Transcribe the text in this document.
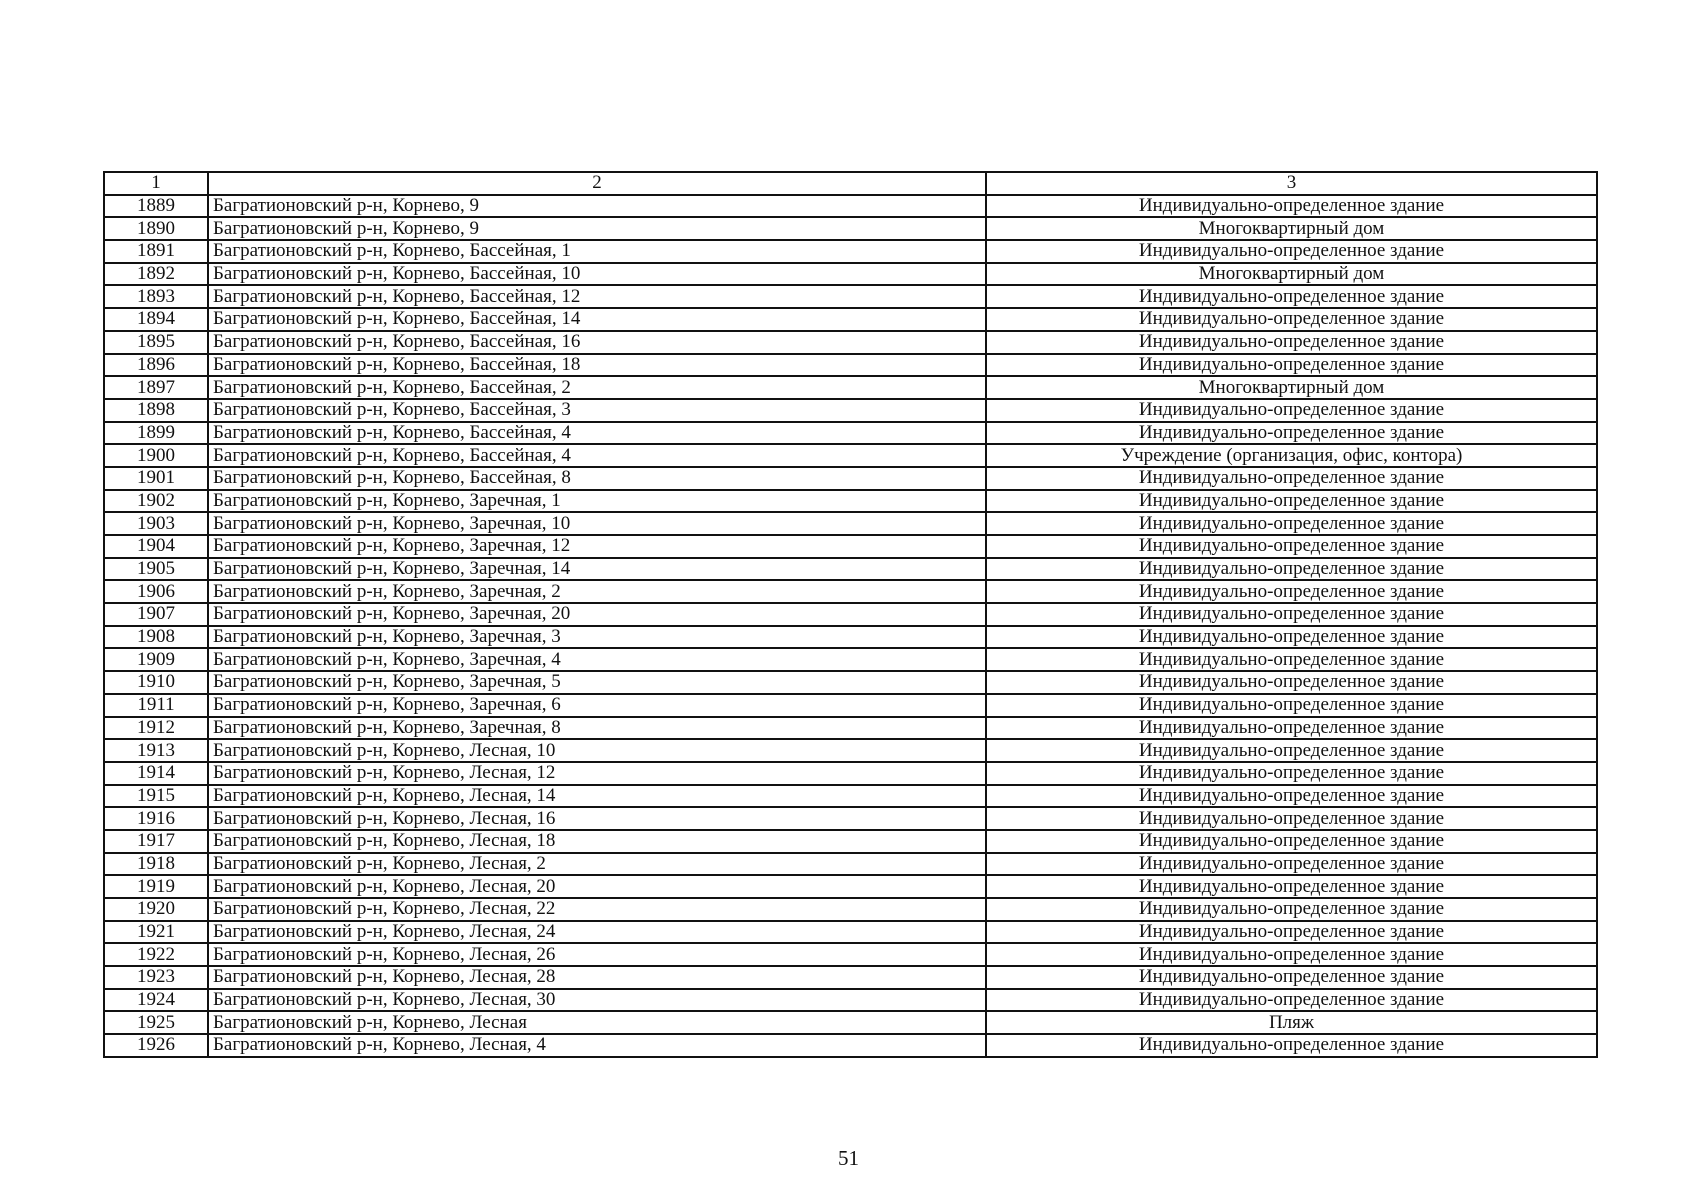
1	2	3
1889	Багратионовский р-н, Корнево, 9	Индивидуально-определенное здание
1890	Багратионовский р-н, Корнево, 9	Многоквартирный дом
1891	Багратионовский р-н, Корнево, Бассейная, 1	Индивидуально-определенное здание
1892	Багратионовский р-н, Корнево, Бассейная, 10	Многоквартирный дом
1893	Багратионовский р-н, Корнево, Бассейная, 12	Индивидуально-определенное здание
1894	Багратионовский р-н, Корнево, Бассейная, 14	Индивидуально-определенное здание
1895	Багратионовский р-н, Корнево, Бассейная, 16	Индивидуально-определенное здание
1896	Багратионовский р-н, Корнево, Бассейная, 18	Индивидуально-определенное здание
1897	Багратионовский р-н, Корнево, Бассейная, 2	Многоквартирный дом
1898	Багратионовский р-н, Корнево, Бассейная, 3	Индивидуально-определенное здание
1899	Багратионовский р-н, Корнево, Бассейная, 4	Индивидуально-определенное здание
1900	Багратионовский р-н, Корнево, Бассейная, 4	Учреждение (организация, офис, контора)
1901	Багратионовский р-н, Корнево, Бассейная, 8	Индивидуально-определенное здание
1902	Багратионовский р-н, Корнево, Заречная, 1	Индивидуально-определенное здание
1903	Багратионовский р-н, Корнево, Заречная, 10	Индивидуально-определенное здание
1904	Багратионовский р-н, Корнево, Заречная, 12	Индивидуально-определенное здание
1905	Багратионовский р-н, Корнево, Заречная, 14	Индивидуально-определенное здание
1906	Багратионовский р-н, Корнево, Заречная, 2	Индивидуально-определенное здание
1907	Багратионовский р-н, Корнево, Заречная, 20	Индивидуально-определенное здание
1908	Багратионовский р-н, Корнево, Заречная, 3	Индивидуально-определенное здание
1909	Багратионовский р-н, Корнево, Заречная, 4	Индивидуально-определенное здание
1910	Багратионовский р-н, Корнево, Заречная, 5	Индивидуально-определенное здание
1911	Багратионовский р-н, Корнево, Заречная, 6	Индивидуально-определенное здание
1912	Багратионовский р-н, Корнево, Заречная, 8	Индивидуально-определенное здание
1913	Багратионовский р-н, Корнево, Лесная, 10	Индивидуально-определенное здание
1914	Багратионовский р-н, Корнево, Лесная, 12	Индивидуально-определенное здание
1915	Багратионовский р-н, Корнево, Лесная, 14	Индивидуально-определенное здание
1916	Багратионовский р-н, Корнево, Лесная, 16	Индивидуально-определенное здание
1917	Багратионовский р-н, Корнево, Лесная, 18	Индивидуально-определенное здание
1918	Багратионовский р-н, Корнево, Лесная, 2	Индивидуально-определенное здание
1919	Багратионовский р-н, Корнево, Лесная, 20	Индивидуально-определенное здание
1920	Багратионовский р-н, Корнево, Лесная, 22	Индивидуально-определенное здание
1921	Багратионовский р-н, Корнево, Лесная, 24	Индивидуально-определенное здание
1922	Багратионовский р-н, Корнево, Лесная, 26	Индивидуально-определенное здание
1923	Багратионовский р-н, Корнево, Лесная, 28	Индивидуально-определенное здание
1924	Багратионовский р-н, Корнево, Лесная, 30	Индивидуально-определенное здание
1925	Багратионовский р-н, Корнево, Лесная	Пляж
1926	Багратионовский р-н, Корнево, Лесная, 4	Индивидуально-определенное здание
51
